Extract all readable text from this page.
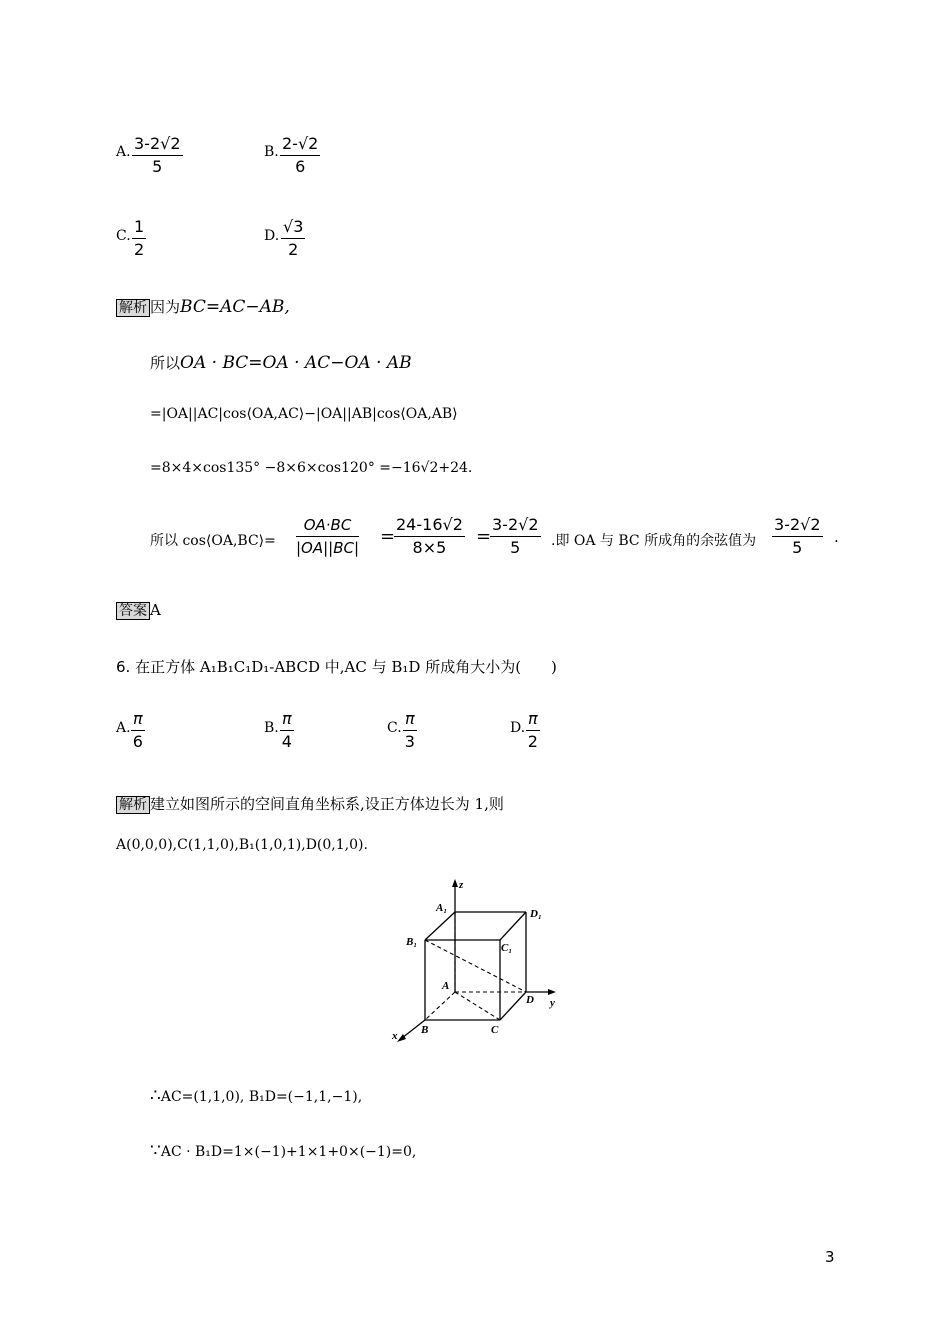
A. $\frac{3-2√2}{5}$	B. $\frac{2-√2}{6}$
C. $\frac{1}{2}$	D. $\frac{√3}{2}$
解析 因为BC=AC−AB,
所以OA · BC=OA · AC−OA · AB
=|OA||AC|cos⟨OA,AC⟩−|OA||AB|cos⟨OA,AB⟩
=8×4×cos135° −8×6×cos120° =−16√2+24.
所以 cos⟨OA,BC⟩= $\frac{OA\cdot BC}{|OA||BC|}$ =
$\frac{24-16√2}{8\times 5}$ =
$\frac{3-2√2}{5}$ .即 OA 与 BC 所成角的余弦值为 $\frac{3-2√2}{5}$ .
答案 A
6. 在正方体 A₁B₁C₁D₁-ABCD 中,AC 与 B₁D 所成角大小为(　　)
A. $\frac{\pi}{6}$	B. $\frac{\pi}{4}$	C. $\frac{\pi}{3}$	D. $\frac{\pi}{2}$
解析 建立如图所示的空间直角坐标系,设正方体边长为 1,则
A(0,0,0),C(1,1,0),B₁(1,0,1),D(0,1,0).
z
y
x
A₁	D₁
B₁	C₁
A
D
B	C
∴AC=(1,1,0), B₁D=(−1,1,−1),
∵AC · B₁D=1×(−1)+1×1+0×(−1)=0,
3
